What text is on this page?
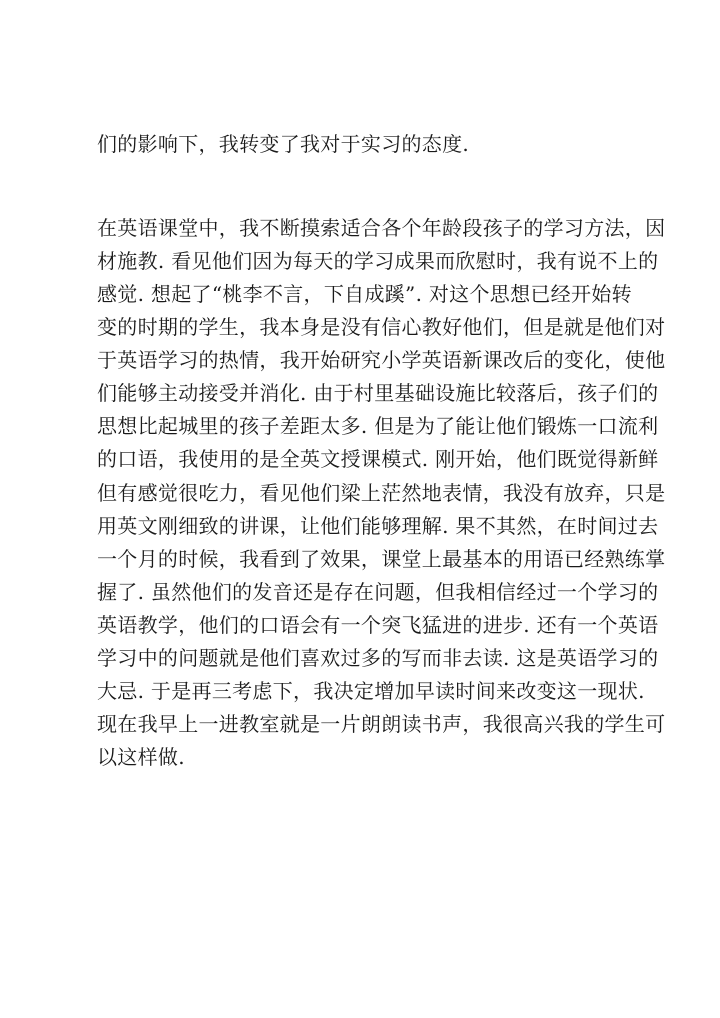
们的影响下，我转变了我对于实习的态度.
在英语课堂中，我不断摸索适合各个年龄段孩子的学习方法，因
材施教. 看见他们因为每天的学习成果而欣慰时，我有说不上的
感觉. 想起了“桃李不言，下自成蹊”. 对这个思想已经开始转
变的时期的学生，我本身是没有信心教好他们，但是就是他们对
于英语学习的热情，我开始研究小学英语新课改后的变化，使他
们能够主动接受并消化. 由于村里基础设施比较落后，孩子们的
思想比起城里的孩子差距太多. 但是为了能让他们锻炼一口流利
的口语，我使用的是全英文授课模式. 刚开始，他们既觉得新鲜
但有感觉很吃力，看见他们梁上茫然地表情，我没有放弃，只是
用英文刚细致的讲课，让他们能够理解. 果不其然，在时间过去
一个月的时候，我看到了效果，课堂上最基本的用语已经熟练掌
握了. 虽然他们的发音还是存在问题，但我相信经过一个学习的
英语教学，他们的口语会有一个突飞猛进的进步. 还有一个英语
学习中的问题就是他们喜欢过多的写而非去读. 这是英语学习的
大忌. 于是再三考虑下，我决定增加早读时间来改变这一现状.
现在我早上一进教室就是一片朗朗读书声，我很高兴我的学生可
以这样做.
